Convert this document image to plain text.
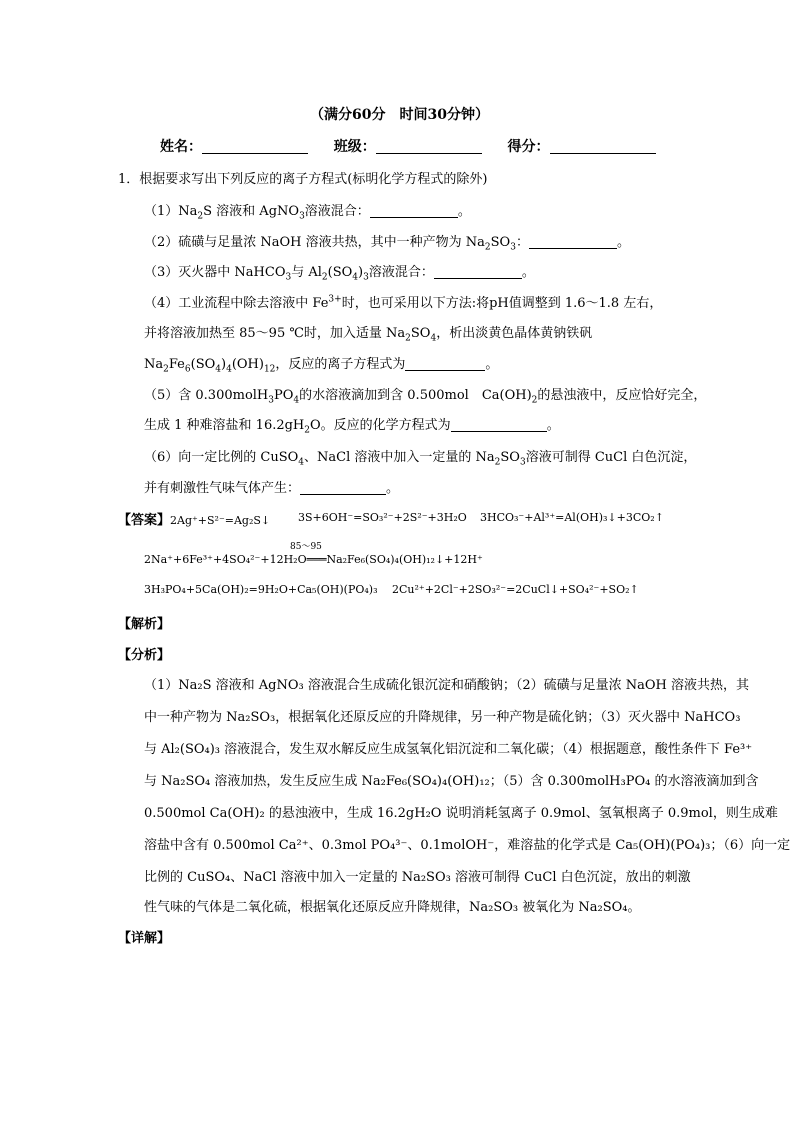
（满分60分　时间30分钟）
姓名：	班级：	得分：
1．根据要求写出下列反应的离子方程式(标明化学方程式的除外)
$(1)Na_2S$ 溶液和 AgNO$_3$溶液混合：	。
（2）硫磺与足量浓 NaOH 溶液共热，其中一种产物为 $Na_2SO_3$：	。
（3）灭火器中 NaHCO$_3$与 $Al_2(SO_4)_3$溶液混合：	。
（4）工业流程中除去溶液中 $Fe^{3+}$时，也可采用以下方法:将pH值调整到 1.6～1.8 左右，
并将溶液加热至 85～95 ℃时，加入适量 $Na_2SO_4$，析出淡黄色晶体黄钠铁矾
$Na_2Fe_6(SO_4)_4(OH)_{12}$，反应的离子方程式为	。
（5）含 $0.300molH_3PO_4$的水溶液滴加到含 0.500mol　$Ca(OH)_2$的悬浊液中，反应恰好完全，
生成 1 种难溶盐和 $16.2gH_2O$。反应的化学方程式为	。
（6）向一定比例的 CuSO$_4$、NaCl 溶液中加入一定量的 $Na_2SO_3$溶液可制得 CuCl 白色沉淀，
并有刺激性气味气体产生：	。
【答案】2Ag⁺+S²⁻=Ag₂S↓	3S+6OH⁻=SO₃²⁻+2S²⁻+3H₂O 3HCO₃⁻+Al³⁺=Al(OH)₃↓+3CO₂↑
85～95
2Na⁺+6Fe³⁺+4SO₄²⁻+12H₂O═══Na₂Fe₆(SO₄)₄(OH)₁₂↓+12H⁺
3H₃PO₄+5Ca(OH)₂=9H₂O+Ca₅(OH)(PO₄)₃ 2Cu²⁺+2Cl⁻+2SO₃²⁻=2CuCl↓+SO₄²⁻+SO₂↑
【解析】
【分析】
（1）Na₂S 溶液和 AgNO₃ 溶液混合生成硫化银沉淀和硝酸钠；（2）硫磺与足量浓 NaOH 溶液共热，其
中一种产物为 Na₂SO₃，根据氧化还原反应的升降规律，另一种产物是硫化钠；（3）灭火器中 NaHCO₃
与 Al₂(SO₄)₃ 溶液混合，发生双水解反应生成氢氧化铝沉淀和二氧化碳；（4）根据题意，酸性条件下 Fe³⁺
与 Na₂SO₄ 溶液加热，发生反应生成 Na₂Fe₆(SO₄)₄(OH)₁₂；（5）含 0.300molH₃PO₄ 的水溶液滴加到含
0.500mol Ca(OH)₂ 的悬浊液中，生成 16.2gH₂O 说明消耗氢离子 0.9mol、氢氧根离子 0.9mol，则生成难
溶盐中含有 0.500mol Ca²⁺、0.3mol PO₄³⁻、0.1molOH⁻，难溶盐的化学式是 Ca₅(OH)(PO₄)₃；（6）向一定
比例的 CuSO₄、NaCl 溶液中加入一定量的 Na₂SO₃ 溶液可制得 CuCl 白色沉淀，放出的刺激
性气味的气体是二氧化硫，根据氧化还原反应升降规律，Na₂SO₃ 被氧化为 Na₂SO₄。
【详解】
